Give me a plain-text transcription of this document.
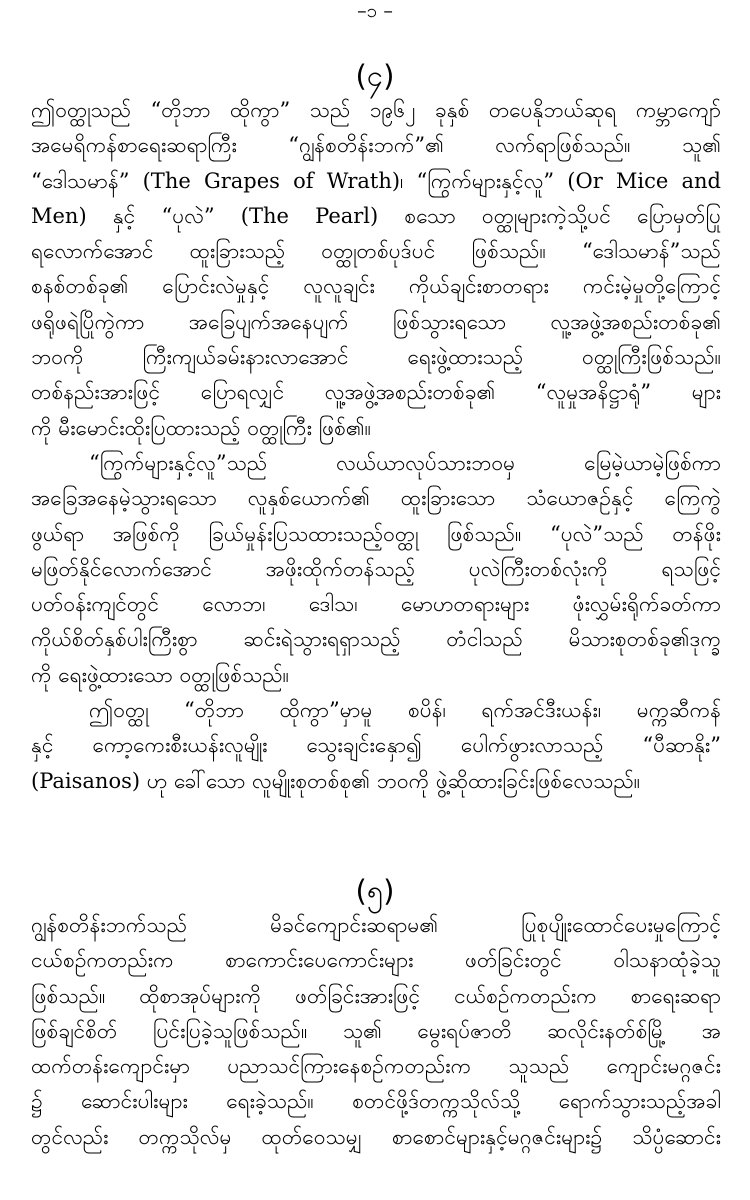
–၁ –
(၄)
ဤ၀တ္ထုသည် “တိုဘာ ထိုကွာ” သည် ၁၉၆၂ ခုနှစ် ဝာပေနိုဘယ်ဆုရ ကမ္ဘာကျော်
အမေရိကန်စာရေးဆရာကြီး “ဂျွန်စတိန်းဘက်”၏ လက်ရာဖြစ်သည်။ သူ၏
“ဒေါသမာန်” (The Grapes of Wrath)၊ “ကြွက်များနှင့်လူ” (Or Mice and
Men) နှင့် “ပုလဲ” (The Pearl) စသော ဝတ္ထုများကဲ့သို့ပင် ပြောမှတ်ပြု
ရလောက်အောင် ထူးခြားသည့် ဝတ္ထုတစ်ပုဒ်ပင် ဖြစ်သည်။ “ဒေါသမာန်”သည်
စနစ်တစ်ခု၏ ပြောင်းလဲမှုနှင့် လူလူချင်း ကိုယ်ချင်းစာတရား ကင်းမဲ့မှုတို့ကြောင့်
ဖရိုဖရဲပြိုကွဲကာ အခြေပျက်အနေပျက် ဖြစ်သွားရသော လူ့အဖွဲ့အစည်းတစ်ခု၏
ဘဝကို ကြီးကျယ်ခမ်းနားလာအောင် ရေးဖွဲ့ထားသည့် ဝတ္ထုကြီးဖြစ်သည်။
တစ်နည်းအားဖြင့် ပြောရလျှင် လူ့အဖွဲ့အစည်းတစ်ခု၏ “လူမှုအနိဋ္ဌာရုံ” များ
ကို မီးမောင်းထိုးပြထားသည့် ဝတ္ထုကြီး ဖြစ်၏။
“ကြွက်များနှင့်လူ”သည် လယ်ယာလုပ်သားဘဝမှ မြေမဲ့ယာမဲ့ဖြစ်ကာ
အခြေအနေမဲ့သွားရသော လူနှစ်ယောက်၏ ထူးခြားသော သံယောဇဉ်နှင့် ကြေကွဲ
ဖွယ်ရာ အဖြစ်ကို ခြယ်မှုန်းပြသထားသည့်ဝတ္ထု ဖြစ်သည်။ “ပုလဲ”သည် တန်ဖိုး
မဖြတ်နိုင်လောက်အောင် အဖိုးထိုက်တန်သည့် ပုလဲကြီးတစ်လုံးကို ရသဖြင့်
ပတ်ဝန်းကျင်တွင် လောဘ၊ ဒေါသ၊ မောဟတရားများ ဖုံးလွှမ်းရိုက်ခတ်ကာ
ကိုယ်စိတ်နှစ်ပါးကြီးစွာ ဆင်းရဲသွားရရှာသည့် တံငါသည် မိသားစုတစ်ခု၏ဒုက္ခ
ကို ရေးဖွဲ့ထားသော ဝတ္ထုဖြစ်သည်။
ဤ၀တ္ထု “တိုဘာ ထိုကွာ”မှာမူ စပိန်၊ ရက်အင်ဒီးယန်း၊ မက္ကဆီကန်
နှင့် ကော့ကေးစီးယန်းလူမျိုး သွေးချင်းနှော၍ ပေါက်ဖွားလာသည့် “ပီဆာနိုး”
(Paisanos) ဟု ခေါ်သော လူမျိုးစုတစ်စု၏ ဘဝကို ဖွဲ့ဆိုထားခြင်းဖြစ်လေသည်။
(၅)
ဂျွန်စတိန်းဘက်သည် မိခင်ကျောင်းဆရာမ၏ ပြုစုပျိုးထောင်ပေးမှုကြောင့်
ငယ်စဉ်ကတည်းက စာကောင်းပေကောင်းများ ဖတ်ခြင်းတွင် ဝါသနာထုံခဲ့သူ
ဖြစ်သည်။ ထိုစာအုပ်များကို ဖတ်ခြင်းအားဖြင့် ငယ်စဉ်ကတည်းက စာရေးဆရာ
ဖြစ်ချင်စိတ် ပြင်းပြခဲ့သူဖြစ်သည်။ သူ၏ မွေးရပ်ဇာတိ ဆလိုင်းနတ်စ်မြို့ အ
ထက်တန်းကျောင်းမှာ ပညာသင်ကြားနေစဉ်ကတည်းက သူသည် ကျောင်းမဂ္ဂဇင်း
၌ ဆောင်းပါးများ ရေးခဲ့သည်။ စတင်ဖို့ဒ်တက္ကသိုလ်သို့ ရောက်သွားသည့်အခါ
တွင်လည်း တက္ကသိုလ်မှ ထုတ်ဝေသမျှ စာစောင်များနှင့်မဂ္ဂဇင်းများ၌ သိပ္ပံဆောင်း
